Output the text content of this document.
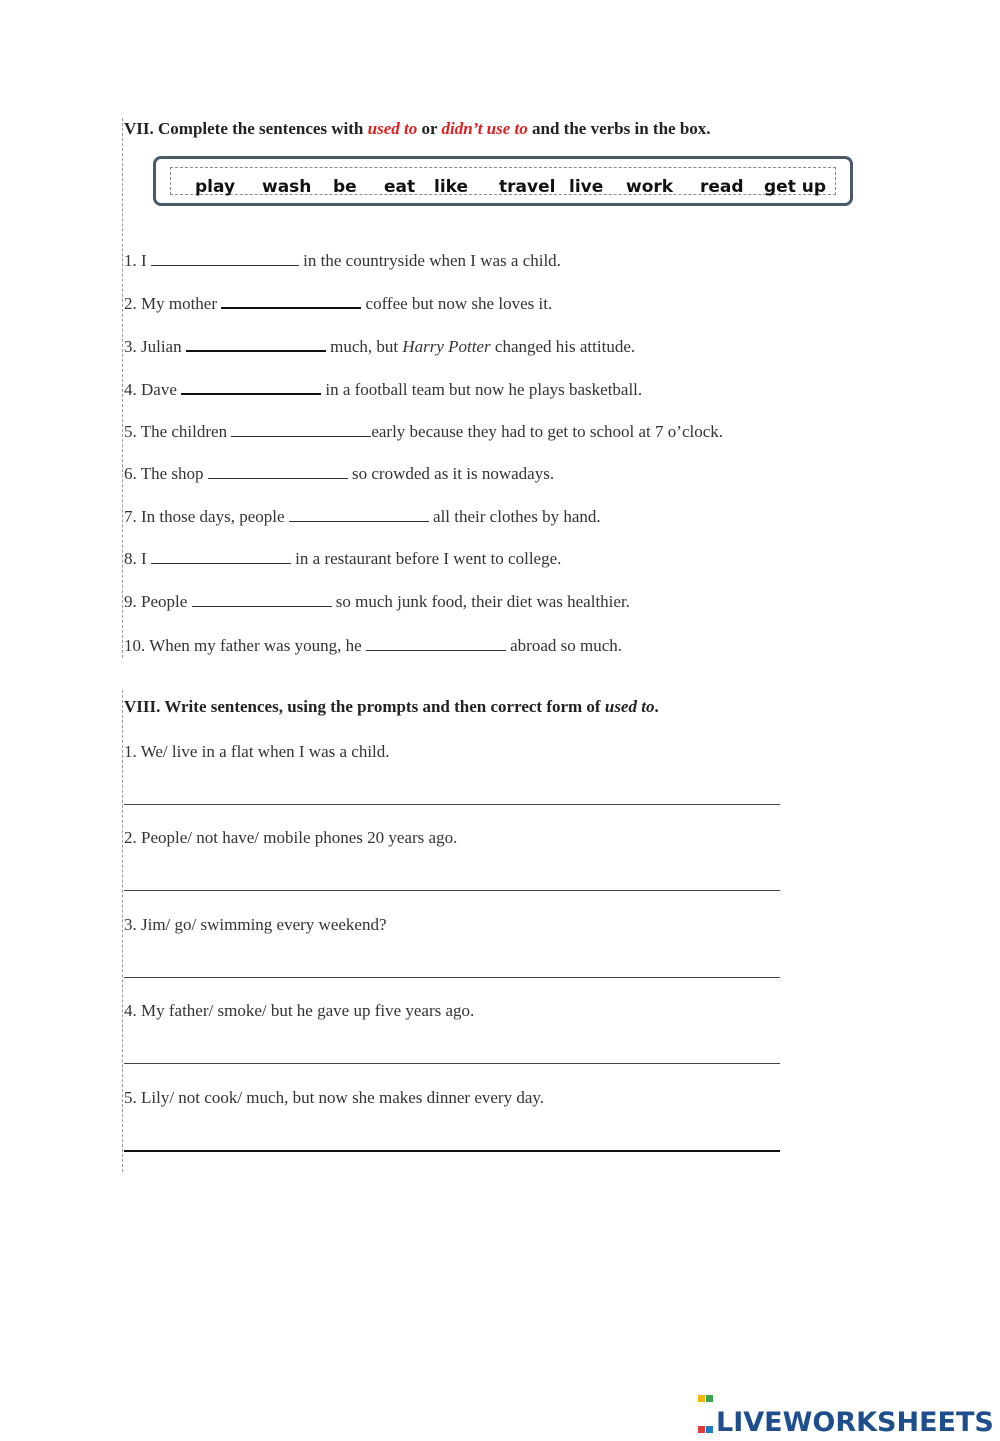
VII. Complete the sentences with used to or didn’t use to and the verbs in the box.
play wash be eat like travel live work read get up
1. I	in the countryside when I was a child.
2. My mother	coffee but now she loves it.
3. Julian	much, but Harry Potter changed his attitude.
4. Dave	in a football team but now he plays basketball.
5. The children	early because they had to get to school at 7 o’clock.
6. The shop	so crowded as it is nowadays.
7. In those days, people	all their clothes by hand.
8. I	in a restaurant before I went to college.
9. People	so much junk food, their diet was healthier.
10. When my father was young, he	abroad so much.
VIII. Write sentences, using the prompts and then correct form of used to.
1. We/ live in a flat when I was a child.
2. People/ not have/ mobile phones 20 years ago.
3. Jim/ go/ swimming every weekend?
4. My father/ smoke/ but he gave up five years ago.
5. Lily/ not cook/ much, but now she makes dinner every day.

LIVEWORKSHEETS
